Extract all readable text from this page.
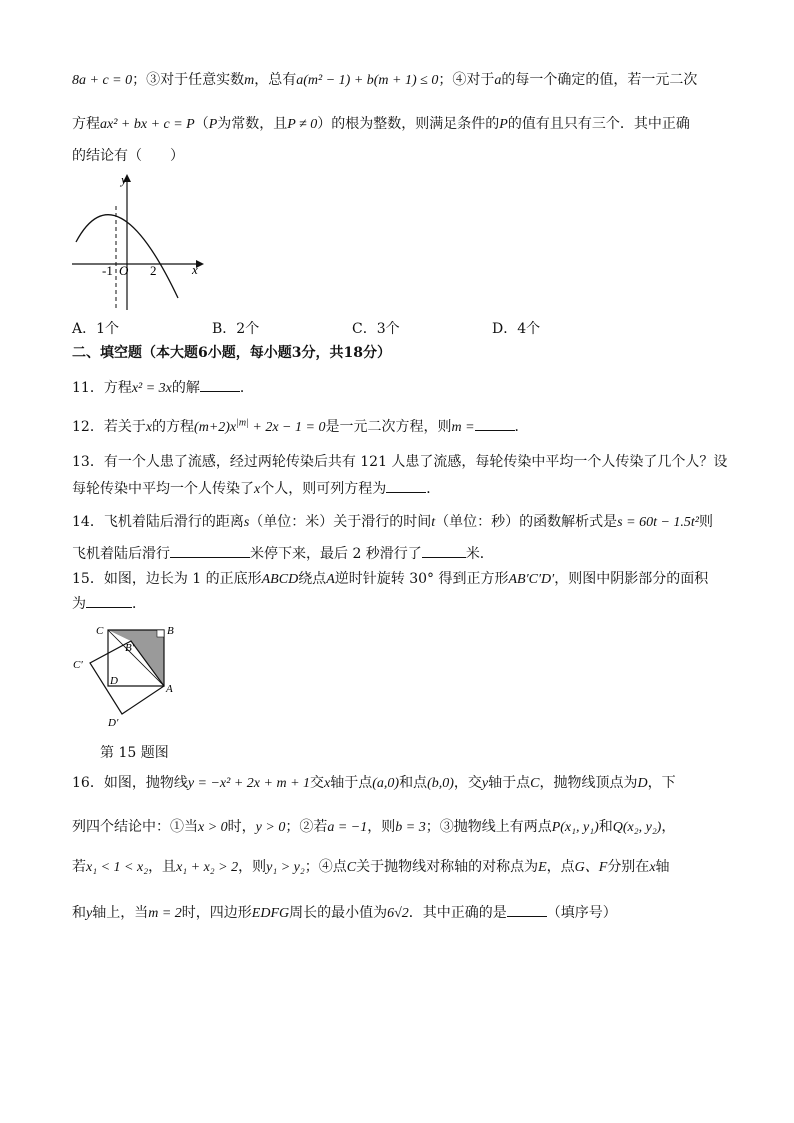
8a + c = 0；③对于任意实数m，总有a(m² − 1) + b(m + 1) ≤ 0；④对于a的每一个确定的值，若一元二次
方程ax² + bx + c = P（P为常数，且P ≠ 0）的根为整数，则满足条件的P的值有且只有三个．其中正确
的结论有（　　）
y
x
O
-1	2
A．1个	B．2个	C．3个	D．4个
二、填空题（本大题6小题，每小题3分，共18分）
11．方程x² = 3x的解	．
12．若关于x的方程$(m+2)x^{|m|} + 2x - 1 = 0$是一元二次方程，则m =	．
13．有一个人患了流感，经过两轮传染后共有 121 人患了流感，每轮传染中平均一个人传染了几个人？设
每轮传染中平均一个人传染了x个人，则可列方程为	．
14．飞机着陆后滑行的距离s（单位：米）关于滑行的时间t（单位：秒）的函数解析式是s = 60t − 1.5t²则
飞机着陆后滑行	米停下来，最后 2 秒滑行了	米．
15．如图，边长为 1 的正底形ABCD绕点A逆时针旋转 30° 得到正方形AB′C′D′，则图中阴影部分的面积
为	．
C	B
B′
C′
D
A
D′
第 15 题图
16．如图，抛物线y = −x² + 2x + m + 1交x轴于点(a,0)和点(b,0)，交y轴于点C，抛物线顶点为D，下
列四个结论中：①当x > 0时，y > 0；②若a = −1，则b = 3；③抛物线上有两点P(x₁, y₁)和Q(x₂, y₂)，
若x₁ < 1 < x₂，且x₁ + x₂ > 2，则y₁ > y₂；④点C关于抛物线对称轴的对称点为E，点G、F分别在x轴
和y轴上，当m = 2时，四边形EDFG周长的最小值为6√2．其中正确的是	（填序号）
